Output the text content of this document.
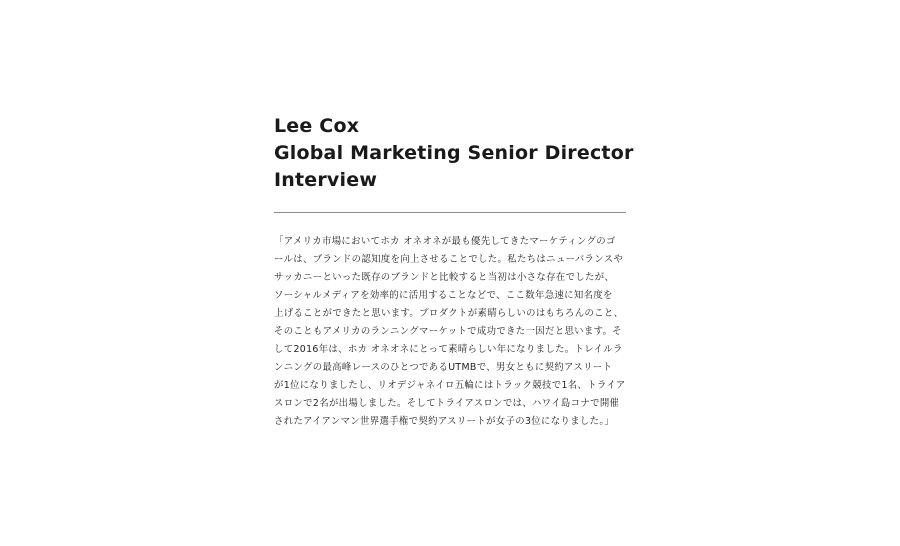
Lee Cox
Global Marketing Senior Director
Interview

「アメリカ市場においてホカ オネオネが最も優先してきたマーケティングのゴ
ールは、ブランドの認知度を向上させることでした。私たちはニューバランスや
サッカニーといった既存のブランドと比較すると当初は小さな存在でしたが、
ソーシャルメディアを効率的に活用することなどで、ここ数年急速に知名度を
上げることができたと思います。プロダクトが素晴らしいのはもちろんのこと、
そのこともアメリカのランニングマーケットで成功できた一因だと思います。そ
して2016年は、ホカ オネオネにとって素晴らしい年になりました。トレイルラ
ンニングの最高峰レースのひとつであるUTMBで、男女ともに契約アスリート
が1位になりましたし、リオデジャネイロ五輪にはトラック競技で1名、トライア
スロンで2名が出場しました。そしてトライアスロンでは、ハワイ島コナで開催
されたアイアンマン世界選手権で契約アスリートが女子の3位になりました。」
